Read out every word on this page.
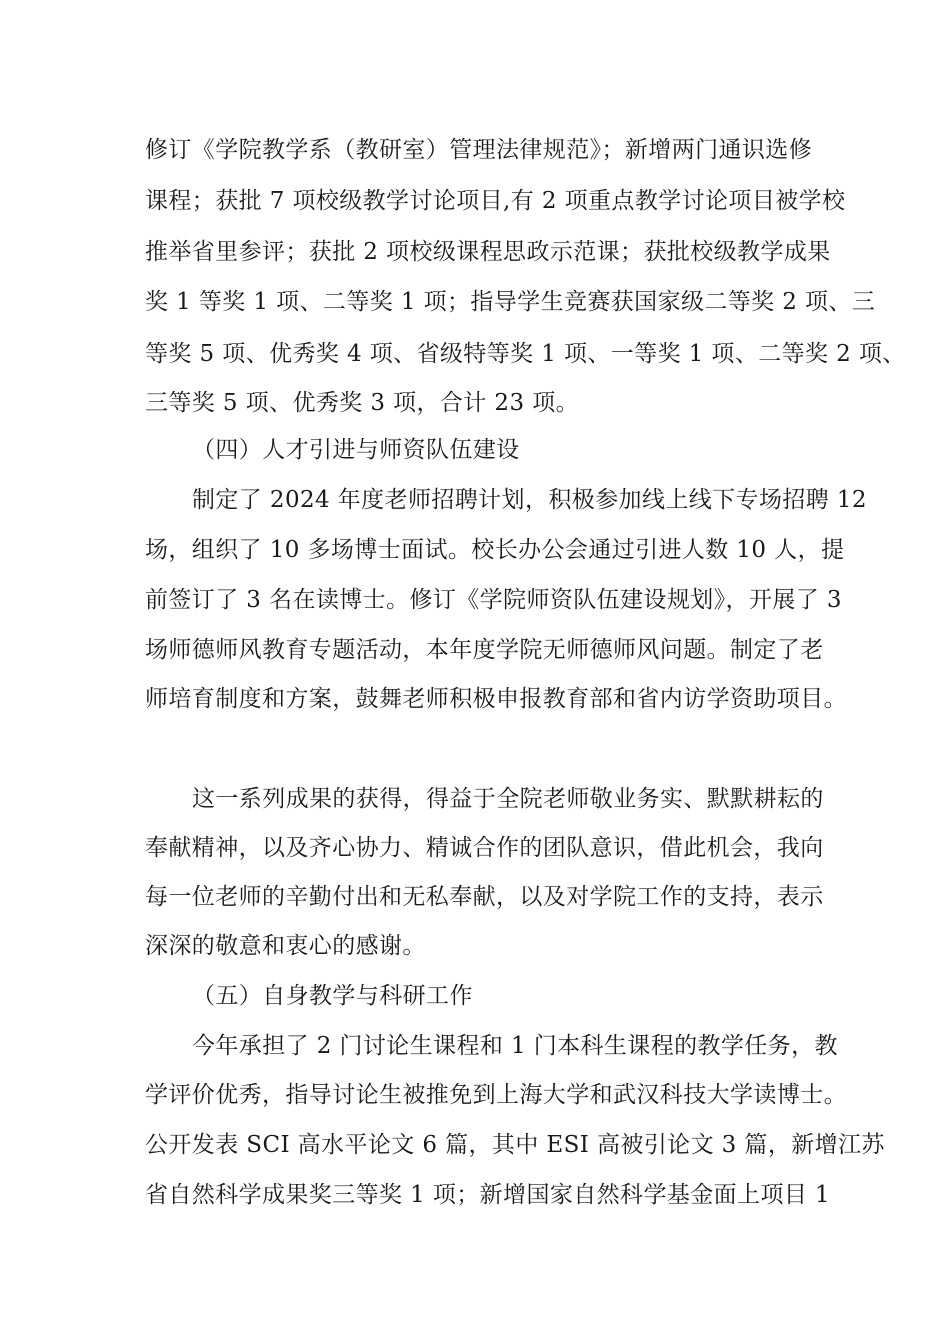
修订《学院教学系（教研室）管理法律规范》；新增两门通识选修
课程；获批 7 项校级教学讨论项目,有 2 项重点教学讨论项目被学校
推举省里参评；获批 2 项校级课程思政示范课；获批校级教学成果
奖 1 等奖 1 项、二等奖 1 项；指导学生竞赛获国家级二等奖 2 项、三
等奖 5 项、优秀奖 4 项、省级特等奖 1 项、一等奖 1 项、二等奖 2 项、
三等奖 5 项、优秀奖 3 项，合计 23 项。
（四）人才引进与师资队伍建设
制定了 2024 年度老师招聘计划，积极参加线上线下专场招聘 12
场，组织了 10 多场博士面试。校长办公会通过引进人数 10 人，提
前签订了 3 名在读博士。修订《学院师资队伍建设规划》，开展了 3
场师德师风教育专题活动，本年度学院无师德师风问题。制定了老
师培育制度和方案，鼓舞老师积极申报教育部和省内访学资助项目。
这一系列成果的获得，得益于全院老师敬业务实、默默耕耘的
奉献精神，以及齐心协力、精诚合作的团队意识，借此机会，我向
每一位老师的辛勤付出和无私奉献，以及对学院工作的支持，表示
深深的敬意和衷心的感谢。
（五）自身教学与科研工作
今年承担了 2 门讨论生课程和 1 门本科生课程的教学任务，教
学评价优秀，指导讨论生被推免到上海大学和武汉科技大学读博士。
公开发表 SCI 高水平论文 6 篇，其中 ESI 高被引论文 3 篇，新增江苏
省自然科学成果奖三等奖 1 项；新增国家自然科学基金面上项目 1
